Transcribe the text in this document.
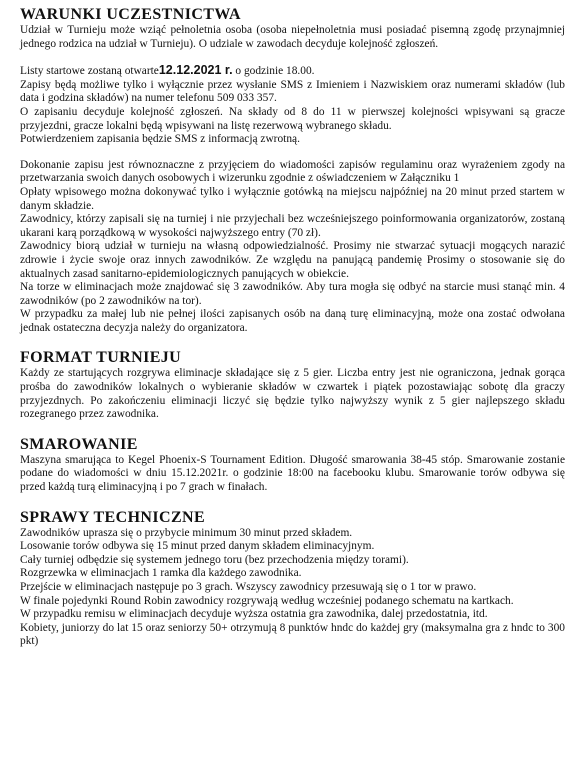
WARUNKI UCZESTNICTWA

Udział w Turnieju może wziąć pełnoletnia osoba (osoba niepełnoletnia musi posiadać pisemną zgodę przynajmniej jednego rodzica na udział w Turnieju). O udziale w zawodach decyduje kolejność zgłoszeń.

Listy startowe zostaną otwarte12.12.2021 r. o godzinie 18.00.

Zapisy będą możliwe tylko i wyłącznie przez wysłanie SMS z Imieniem i Nazwiskiem oraz numerami składów (lub data i godzina składów) na numer telefonu 509 033 357.

O zapisaniu decyduje kolejność zgłoszeń. Na składy od 8 do 11 w pierwszej kolejności wpisywani są gracze przyjezdni, gracze lokalni będą wpisywani na listę rezerwową wybranego składu.

Potwierdzeniem zapisania będzie SMS z informacją zwrotną.

Dokonanie zapisu jest równoznaczne z przyjęciem do wiadomości zapisów regulaminu oraz wyrażeniem zgody na przetwarzania swoich danych osobowych i wizerunku zgodnie z oświadczeniem w Załączniku 1

Opłaty wpisowego można dokonywać tylko i wyłącznie gotówką na miejscu najpóźniej na 20 minut przed startem w danym składzie.

Zawodnicy, którzy zapisali się na turniej i nie przyjechali bez wcześniejszego poinformowania organizatorów, zostaną ukarani karą porządkową w wysokości najwyższego entry (70 zł).

Zawodnicy biorą udział w turnieju na własną odpowiedzialność. Prosimy nie stwarzać sytuacji mogących narazić zdrowie i życie swoje oraz innych zawodników. Ze względu na panującą pandemię Prosimy o stosowanie się do aktualnych zasad sanitarno-epidemiologicznych panujących w obiekcie.

Na torze w eliminacjach może znajdować się 3 zawodników. Aby tura mogła się odbyć na starcie musi stanąć min. 4 zawodników (po 2 zawodników na tor).

W przypadku za małej lub nie pełnej ilości zapisanych osób na daną turę eliminacyjną, może ona zostać odwołana jednak ostateczna decyzja należy do organizatora.

FORMAT TURNIEJU

Każdy ze startujących rozgrywa eliminacje składające się z 5 gier. Liczba entry jest nie ograniczona, jednak gorąca prośba do zawodników lokalnych o wybieranie składów w czwartek i piątek pozostawiając sobotę dla graczy przyjezdnych. Po zakończeniu eliminacji liczyć się będzie tylko najwyższy wynik z 5 gier najlepszego składu rozegranego przez zawodnika.

SMAROWANIE

Maszyna smarująca to Kegel Phoenix-S Tournament Edition. Długość smarowania 38-45 stóp. Smarowanie zostanie podane do wiadomości w dniu 15.12.2021r. o godzinie 18:00 na facebooku klubu. Smarowanie torów odbywa się przed każdą turą eliminacyjną i po 7 grach w finałach.

SPRAWY TECHNICZNE

Zawodników uprasza się o przybycie minimum 30 minut przed składem.

Losowanie torów odbywa się 15 minut przed danym składem eliminacyjnym.

Cały turniej odbędzie się systemem jednego toru (bez przechodzenia między torami).

Rozgrzewka w eliminacjach 1 ramka dla każdego zawodnika.

Przejście w eliminacjach następuje po 3 grach. Wszyscy zawodnicy przesuwają się o 1 tor w prawo.

W finale pojedynki Round Robin zawodnicy rozgrywają według wcześniej podanego schematu na kartkach.

W przypadku remisu w eliminacjach decyduje wyższa ostatnia gra zawodnika, dalej przedostatnia, itd.

Kobiety, juniorzy do lat 15 oraz seniorzy 50+ otrzymują 8 punktów hndc do każdej gry (maksymalna gra z hndc to 300 pkt)
